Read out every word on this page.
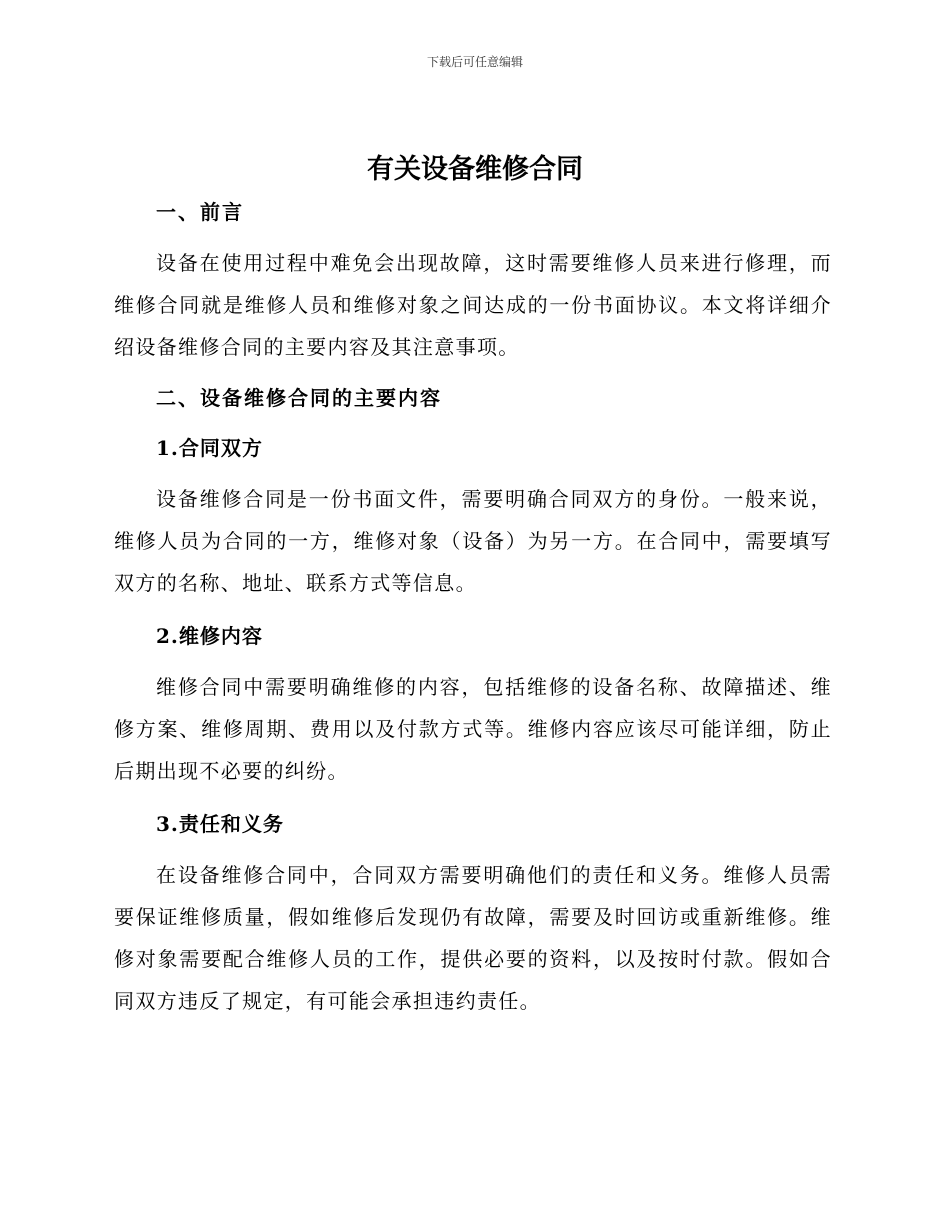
下载后可任意编辑
有关设备维修合同
一、前言

设备在使用过程中难免会出现故障，这时需要维修人员来进行修理，而维修合同就是维修人员和维修对象之间达成的一份书面协议。本文将详细介绍设备维修合同的主要内容及其注意事项。

二、设备维修合同的主要内容
1.合同双方

设备维修合同是一份书面文件，需要明确合同双方的身份。一般来说，维修人员为合同的一方，维修对象（设备）为另一方。在合同中，需要填写双方的名称、地址、联系方式等信息。

2.维修内容

维修合同中需要明确维修的内容，包括维修的设备名称、故障描述、维修方案、维修周期、费用以及付款方式等。维修内容应该尽可能详细，防止后期出现不必要的纠纷。

3.责任和义务

在设备维修合同中，合同双方需要明确他们的责任和义务。维修人员需要保证维修质量，假如维修后发现仍有故障，需要及时回访或重新维修。维修对象需要配合维修人员的工作，提供必要的资料，以及按时付款。假如合同双方违反了规定，有可能会承担违约责任。
